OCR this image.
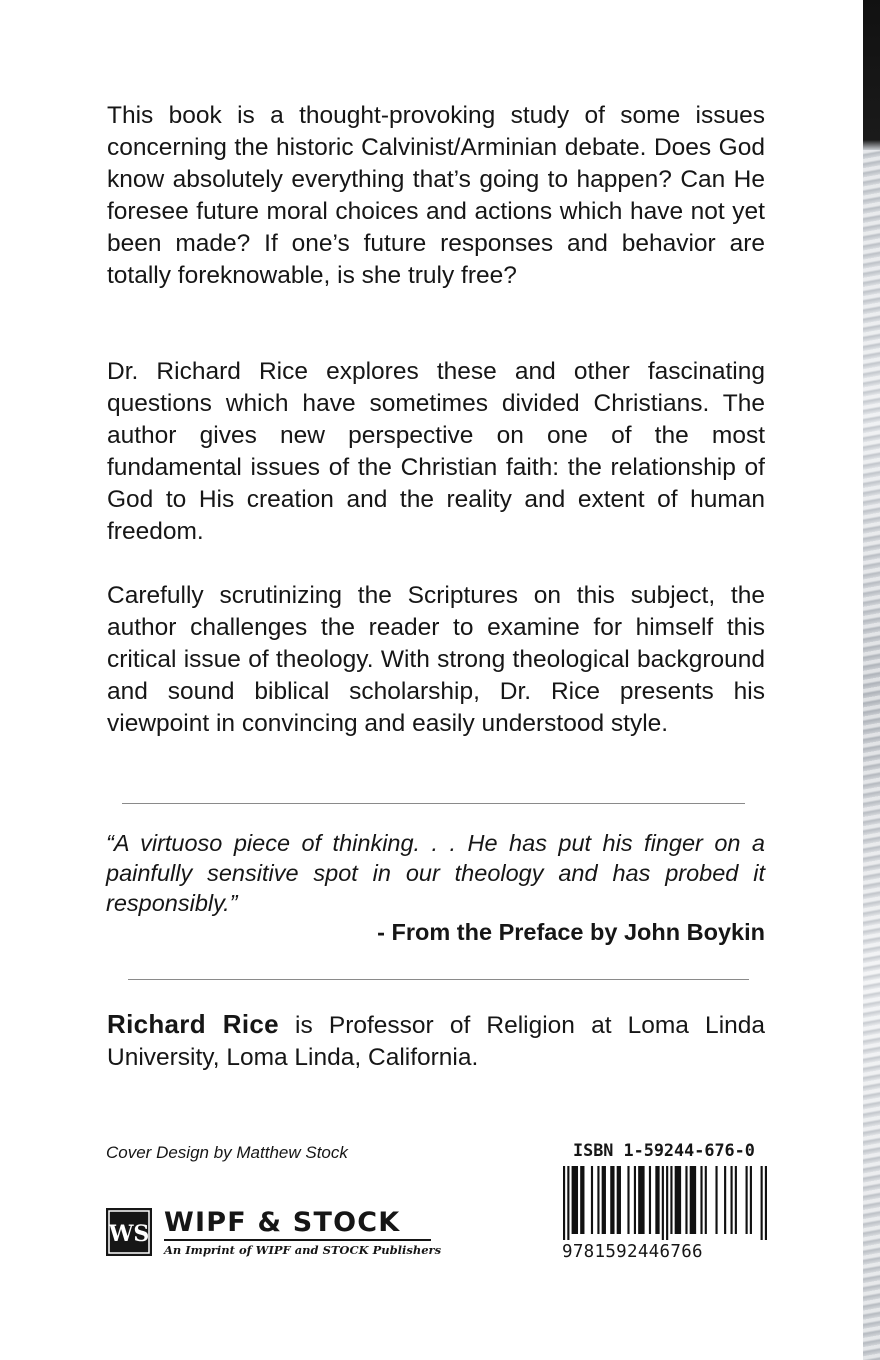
This book is a thought-provoking study of some issues concerning the historic Calvinist/Arminian debate. Does God know absolutely everything that’s going to happen? Can He foresee future moral choices and actions which have not yet been made? If one’s future responses and behavior are totally foreknowable, is she truly free?

Dr. Richard Rice explores these and other fascinating questions which have sometimes divided Christians. The author gives new perspective on one of the most fundamental issues of the Christian faith: the relationship of God to His creation and the reality and extent of human freedom.

Carefully scrutinizing the Scriptures on this subject, the author challenges the reader to examine for himself this critical issue of theology. With strong theological background and sound biblical scholarship, Dr. Rice presents his viewpoint in convincing and easily understood style.

“A virtuoso piece of thinking. . . He has put his finger on a painfully sensitive spot in our theology and has probed it responsibly.”

- From the Preface by John Boykin

Richard Rice is Professor of Religion at Loma Linda University, Loma Linda, California.

Cover Design by Matthew Stock
WS WIPF & STOCK
An Imprint of WIPF and STOCK Publishers
ISBN 1-59244-676-0
9781592446766
